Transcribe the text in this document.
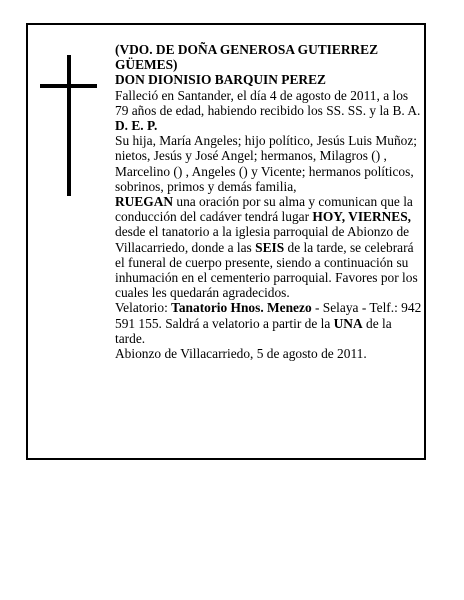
(VDO. DE DOÑA GENEROSA GUTIERREZ GÜEMES)

DON DIONISIO BARQUIN PEREZ

Falleció en Santander, el día 4 de agosto de 2011, a los 79 años de edad, habiendo recibido los SS. SS. y la B. A.

D. E. P.

Su hija, María Angeles; hijo político, Jesús Luis Muñoz; nietos, Jesús y José Angel; hermanos, Milagros () , Marcelino () , Angeles () y Vicente; hermanos políticos, sobrinos, primos y demás familia,

RUEGAN una oración por su alma y comunican que la conducción del cadáver tendrá lugar HOY, VIERNES, desde el tanatorio a la iglesia parroquial de Abionzo de Villacarriedo, donde a las SEIS de la tarde, se celebrará el funeral de cuerpo presente, siendo a continuación su inhumación en el cementerio parroquial. Favores por los cuales les quedarán agradecidos.

Velatorio: Tanatorio Hnos. Menezo - Selaya - Telf.: 942 591 155. Saldrá a velatorio a partir de la UNA de la tarde.

Abionzo de Villacarriedo, 5 de agosto de 2011.
